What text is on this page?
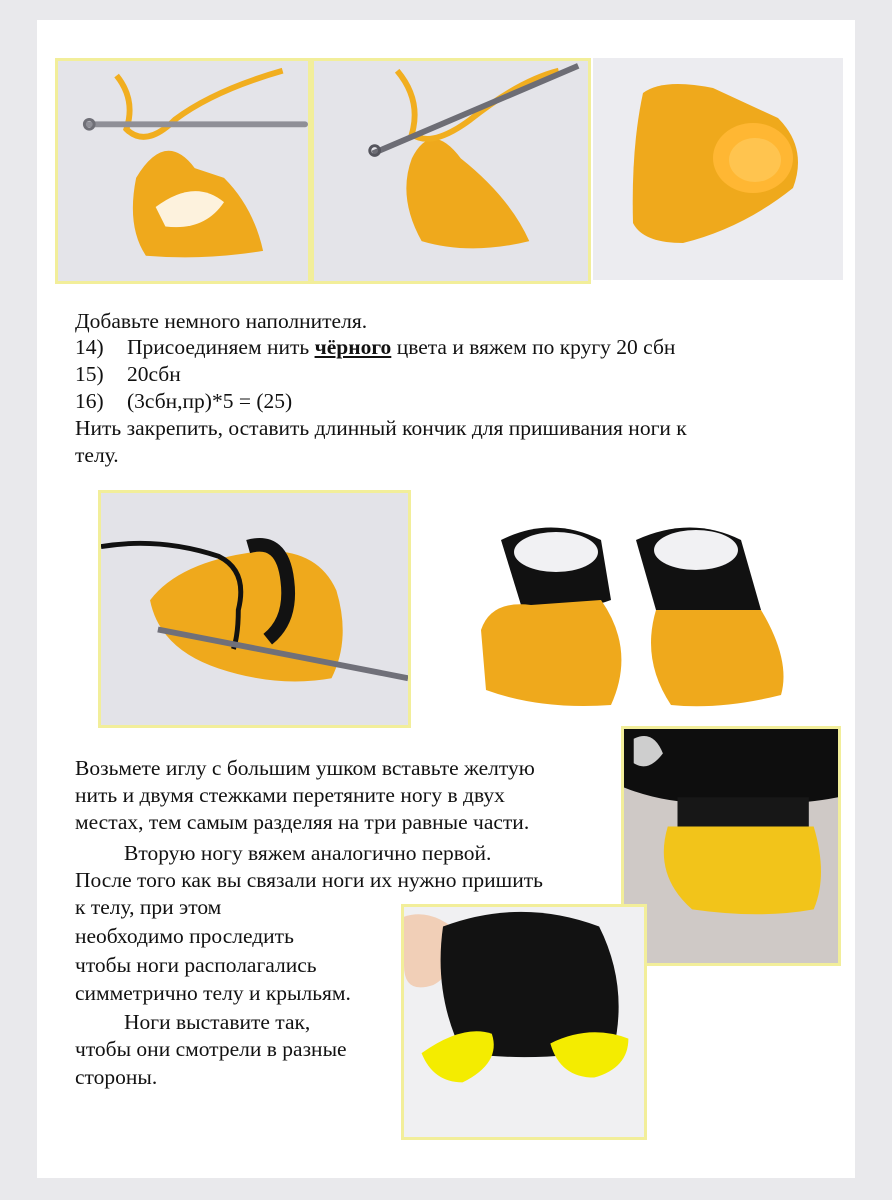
Добавьте немного наполнителя.
14) Присоединяем нить чёрного цвета и вяжем по кругу 20 сбн
15) 20сбн
16) (3сбн,пр)*5 = (25)
Нить закрепить, оставить длинный кончик для пришивания ноги к
телу.
Возьмете иглу с большим ушком вставьте желтую
нить и двумя стежками перетяните ногу в двух
местах, тем самым разделяя на три равные части.
Вторую ногу вяжем аналогично первой.
После того как вы связали ноги их нужно пришить
к телу, при этом
необходимо проследить
чтобы ноги располагались
симметрично телу и крыльям.
Ноги выставите так,
чтобы они смотрели в разные
стороны.
